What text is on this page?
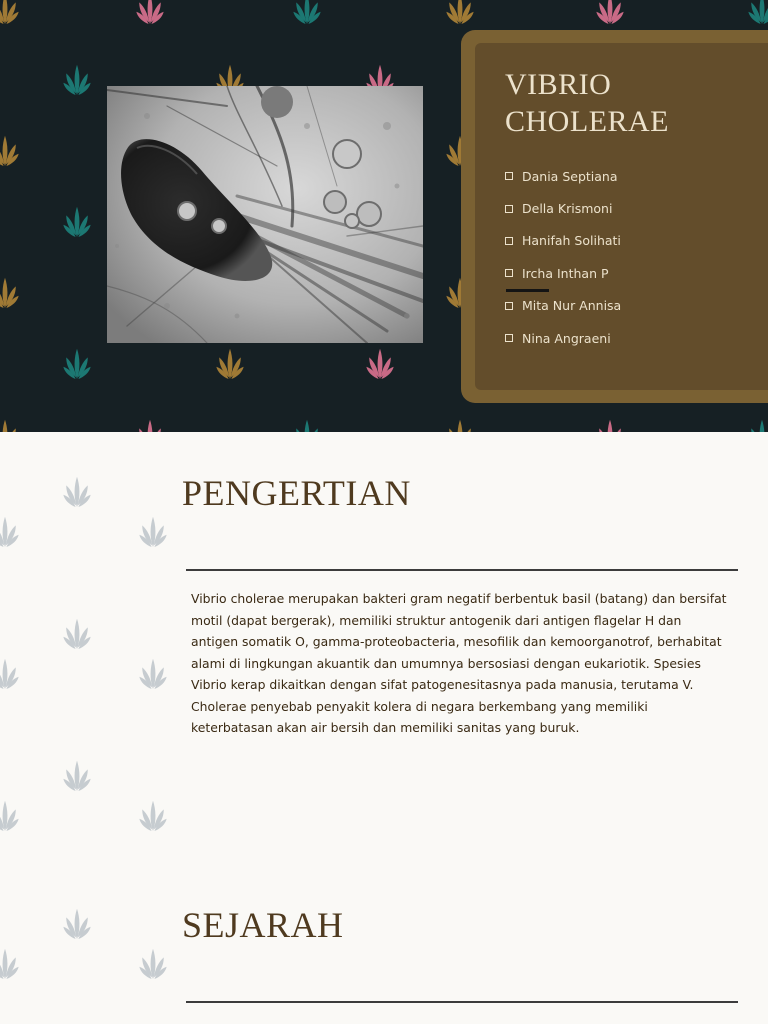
VIBRIO
CHOLERAE
Dania Septiana
Della Krismoni
Hanifah Solihati
Ircha Inthan P
Mita Nur Annisa
Nina Angraeni
PENGERTIAN

Vibrio cholerae merupakan bakteri gram negatif berbentuk basil (batang) dan bersifat motil (dapat bergerak), memiliki struktur antogenik dari antigen flagelar H dan antigen somatik O, gamma-proteobacteria, mesofilik dan kemoorganotrof, berhabitat alami di lingkungan akuantik dan umumnya bersosiasi dengan eukariotik. Spesies Vibrio kerap dikaitkan dengan sifat patogenesitasnya pada manusia, terutama V. Cholerae penyebab penyakit kolera di negara berkembang yang memiliki keterbatasan akan air bersih dan memiliki sanitas yang buruk.

SEJARAH
